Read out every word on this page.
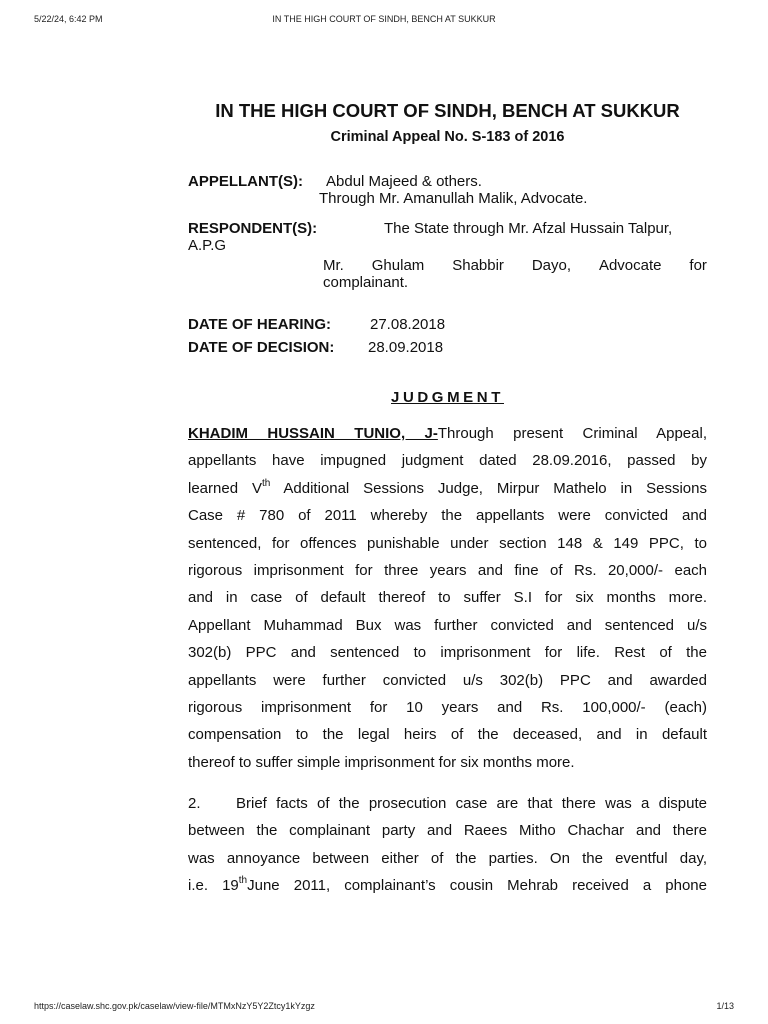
5/22/24, 6:42 PM	IN THE HIGH COURT OF SINDH, BENCH AT SUKKUR
IN THE HIGH COURT OF SINDH, BENCH AT SUKKUR
Criminal Appeal No. S-183 of 2016
APPELLANT(S): Abdul Majeed & others.
Through Mr. Amanullah Malik, Advocate.
RESPONDENT(S):	The State through Mr. Afzal Hussain Talpur,
A.P.G
Mr. Ghulam Shabbir Dayo, Advocate for
complainant.
DATE OF HEARING:	27.08.2018
DATE OF DECISION: 28.09.2018
JUDGMENT
KHADIM HUSSAIN TUNIO, J-Through present Criminal Appeal,
appellants have impugned judgment dated 28.09.2016, passed by
learned Vth Additional Sessions Judge, Mirpur Mathelo in Sessions
Case # 780 of 2011 whereby the appellants were convicted and
sentenced, for offences punishable under section 148 & 149 PPC, to
rigorous imprisonment for three years and fine of Rs. 20,000/- each
and in case of default thereof to suffer S.I for six months more.
Appellant Muhammad Bux was further convicted and sentenced u/s
302(b) PPC and sentenced to imprisonment for life. Rest of the
appellants were further convicted u/s 302(b) PPC and awarded
rigorous imprisonment for 10 years and Rs. 100,000/- (each)
compensation to the legal heirs of the deceased, and in default
thereof to suffer simple imprisonment for six months more.
2. Brief facts of the prosecution case are that there was a dispute
between the complainant party and Raees Mitho Chachar and there
was annoyance between either of the parties. On the eventful day,
i.e. 19thJune 2011, complainant’s cousin Mehrab received a phone
https://caselaw.shc.gov.pk/caselaw/view-file/MTMxNzY5Y2Ztcy1kYzgz	1/13
